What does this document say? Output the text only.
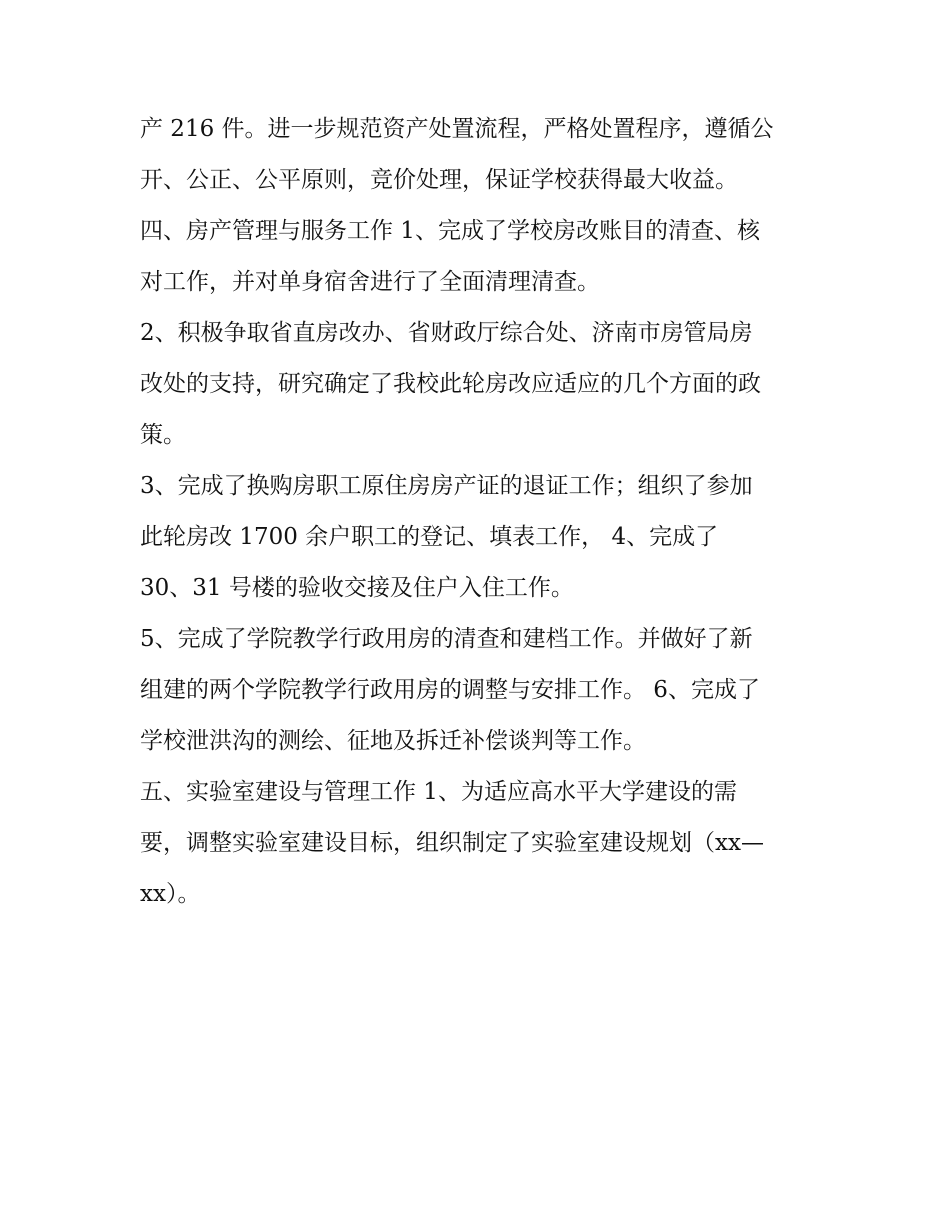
产 216 件。进一步规范资产处置流程，严格处置程序，遵循公
开、公正、公平原则，竞价处理，保证学校获得最大收益。
四、房产管理与服务工作 1、完成了学校房改账目的清查、核
对工作，并对单身宿舍进行了全面清理清查。
2、积极争取省直房改办、省财政厅综合处、济南市房管局房
改处的支持，研究确定了我校此轮房改应适应的几个方面的政
策。
3、完成了换购房职工原住房房产证的退证工作；组织了参加
此轮房改 1700 余户职工的登记、填表工作， 4、完成了
30、31 号楼的验收交接及住户入住工作。
5、完成了学院教学行政用房的清查和建档工作。并做好了新
组建的两个学院教学行政用房的调整与安排工作。 6、完成了
学校泄洪沟的测绘、征地及拆迁补偿谈判等工作。
五、实验室建设与管理工作 1、为适应高水平大学建设的需
要，调整实验室建设目标，组织制定了实验室建设规划（xx—
xx）。
